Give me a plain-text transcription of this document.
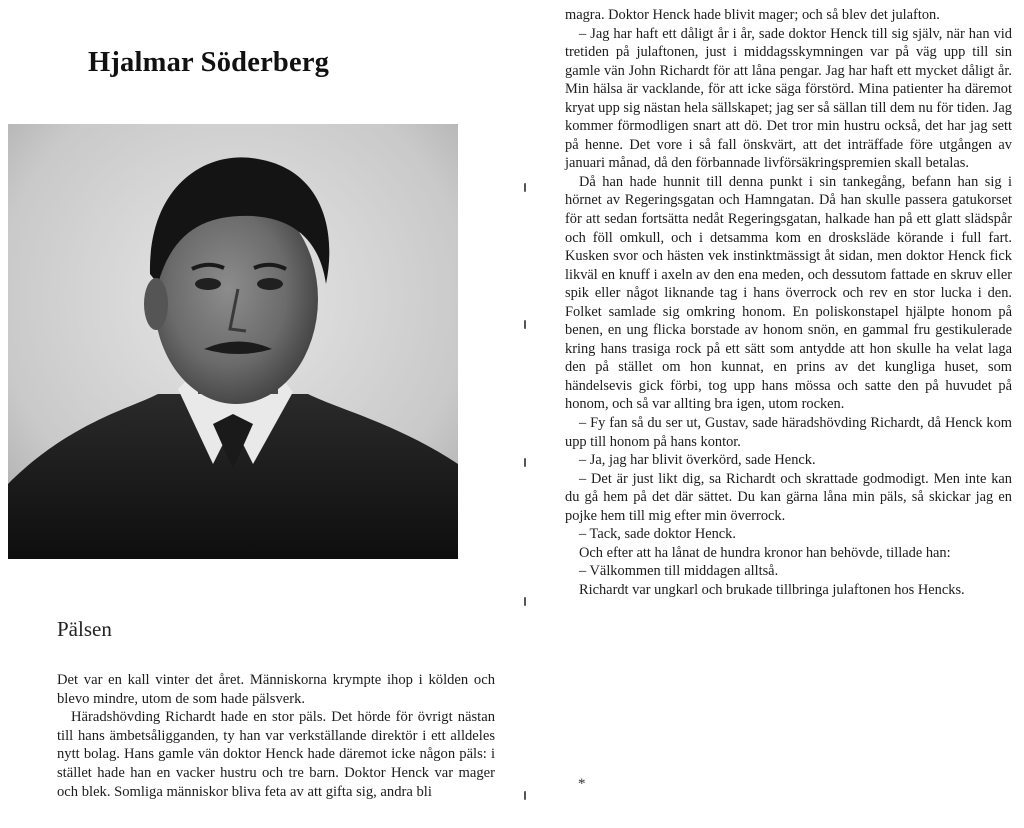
Hjalmar Söderberg
Pälsen

Det var en kall vinter det året. Människorna krympte ihop i kölden och blevo mindre, utom de som hade pälsverk.

Häradshövding Richardt hade en stor päls. Det hörde för övrigt nästan till hans ämbetsåligganden, ty han var verkställande direktör i ett alldeles nytt bolag. Hans gamle vän doktor Henck hade däremot icke någon päls: i stället hade han en vacker hustru och tre barn. Doktor Henck var mager och blek. Somliga människor bliva feta av att gifta sig, andra bli

magra. Doktor Henck hade blivit mager; och så blev det julafton.

– Jag har haft ett dåligt år i år, sade doktor Henck till sig själv, när han vid tretiden på julaftonen, just i middagsskymningen var på väg upp till sin gamle vän John Richardt för att låna pengar. Jag har haft ett mycket dåligt år. Min hälsa är vacklande, för att icke säga förstörd. Mina patienter ha däremot kryat upp sig nästan hela sällskapet; jag ser så sällan till dem nu för tiden. Jag kommer förmodligen snart att dö. Det tror min hustru också, det har jag sett på henne. Det vore i så fall önskvärt, att det inträffade före utgången av januari månad, då den förbannade livförsäkringspremien skall betalas.

Då han hade hunnit till denna punkt i sin tankegång, befann han sig i hörnet av Regeringsgatan och Hamngatan. Då han skulle passera gatukorset för att sedan fortsätta nedåt Regeringsgatan, halkade han på ett glatt slädspår och föll omkull, och i detsamma kom en drosksläde körande i full fart. Kusken svor och hästen vek instinktmässigt åt sidan, men doktor Henck fick likväl en knuff i axeln av den ena meden, och dessutom fattade en skruv eller spik eller något liknande tag i hans överrock och rev en stor lucka i den. Folket samlade sig omkring honom. En poliskonstapel hjälpte honom på benen, en ung flicka borstade av honom snön, en gammal fru gestikulerade kring hans trasiga rock på ett sätt som antydde att hon skulle ha velat laga den på stället om hon kunnat, en prins av det kungliga huset, som händelsevis gick förbi, tog upp hans mössa och satte den på huvudet på honom, och så var allting bra igen, utom rocken.

– Fy fan så du ser ut, Gustav, sade häradshövding Richardt, då Henck kom upp till honom på hans kontor.

– Ja, jag har blivit överkörd, sade Henck.

– Det är just likt dig, sa Richardt och skrattade godmodigt. Men inte kan du gå hem på det där sättet. Du kan gärna låna min päls, så skickar jag en pojke hem till mig efter min överrock.

– Tack, sade doktor Henck.

Och efter att ha lånat de hundra kronor han behövde, tillade han:

– Välkommen till middagen alltså.

Richardt var ungkarl och brukade tillbringa julaftonen hos Hencks.

*
